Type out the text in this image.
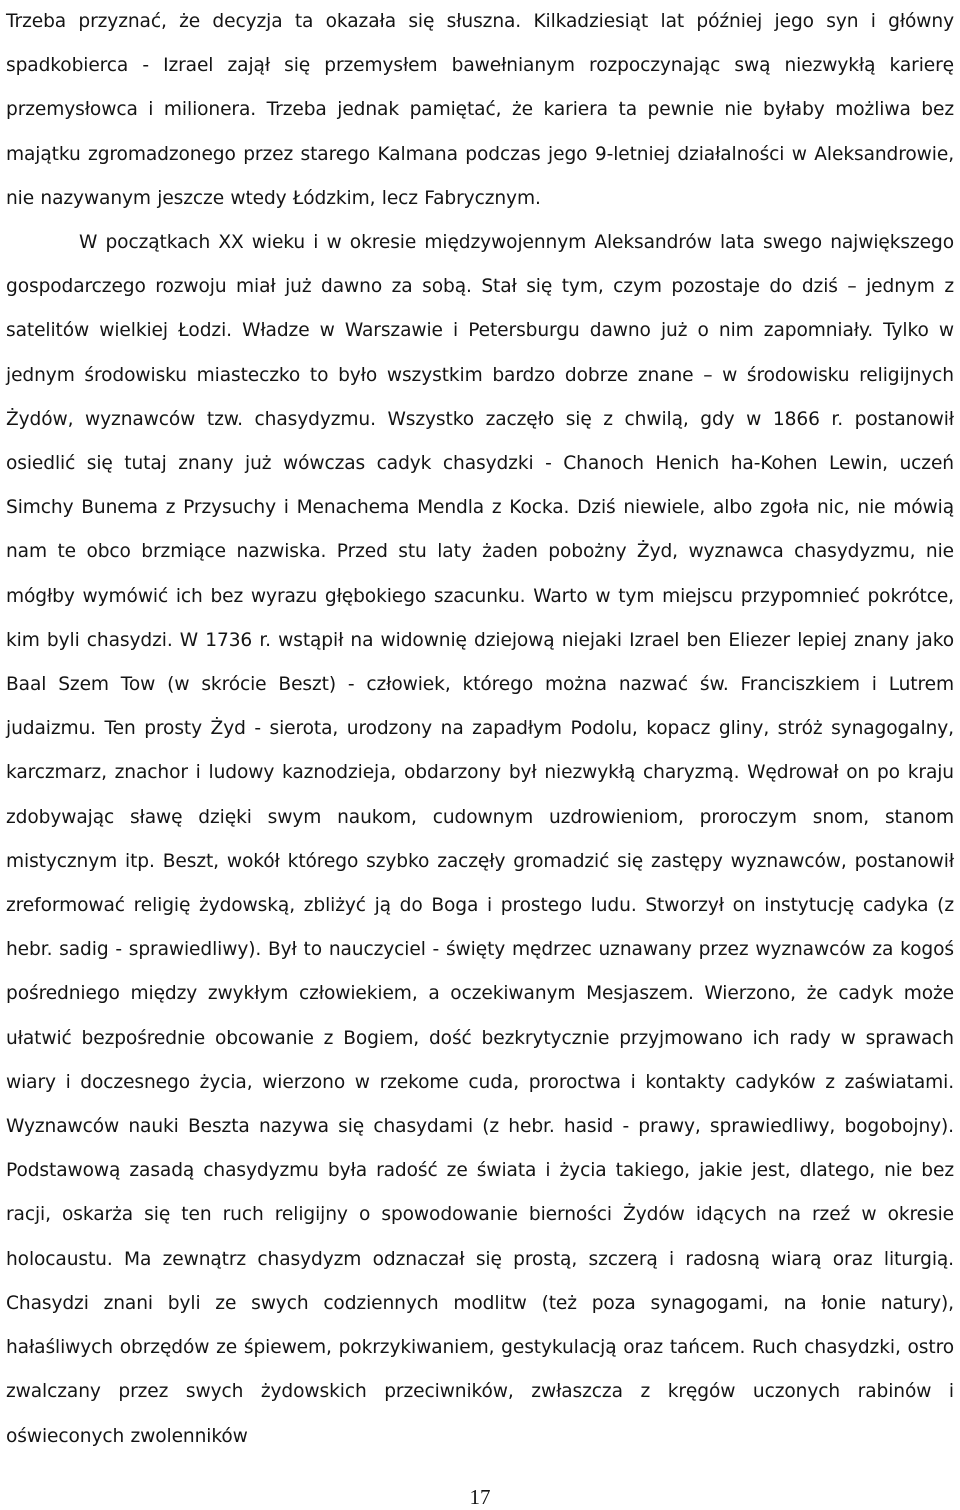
Trzeba przyznać, że decyzja ta okazała się słuszna. Kilkadziesiąt lat później jego syn i główny spadkobierca - Izrael zajął się przemysłem bawełnianym rozpoczynając swą niezwykłą karierę przemysłowca i milionera. Trzeba jednak pamiętać, że kariera ta pewnie nie byłaby możliwa bez majątku zgromadzonego przez starego Kalmana podczas jego 9-letniej działalności w Aleksandrowie, nie nazywanym jeszcze wtedy Łódzkim, lecz Fabrycznym.

W początkach XX wieku i w okresie międzywojennym Aleksandrów lata swego największego gospodarczego rozwoju miał już dawno za sobą. Stał się tym, czym pozostaje do dziś – jednym z satelitów wielkiej Łodzi. Władze w Warszawie i Petersburgu dawno już o nim zapomniały. Tylko w jednym środowisku miasteczko to było wszystkim bardzo dobrze znane – w środowisku religijnych Żydów, wyznawców tzw. chasydyzmu. Wszystko zaczęło się z chwilą, gdy w 1866 r. postanowił osiedlić się tutaj znany już wówczas cadyk chasydzki - Chanoch Henich ha-Kohen Lewin, uczeń Simchy Bunema z Przysuchy i Menachema Mendla z Kocka. Dziś niewiele, albo zgoła nic, nie mówią nam te obco brzmiące nazwiska. Przed stu laty żaden pobożny Żyd, wyznawca chasydyzmu, nie mógłby wymówić ich bez wyrazu głębokiego szacunku. Warto w tym miejscu przypomnieć pokrótce, kim byli chasydzi. W 1736 r. wstąpił na widownię dziejową niejaki Izrael ben Eliezer lepiej znany jako Baal Szem Tow (w skrócie Beszt) - człowiek, którego można nazwać św. Franciszkiem i Lutrem judaizmu. Ten prosty Żyd - sierota, urodzony na zapadłym Podolu, kopacz gliny, stróż synagogalny, karczmarz, znachor i ludowy kaznodzieja, obdarzony był niezwykłą charyzmą. Wędrował on po kraju zdobywając sławę dzięki swym naukom, cudownym uzdrowieniom, proroczym snom, stanom mistycznym itp. Beszt, wokół którego szybko zaczęły gromadzić się zastępy wyznawców, postanowił zreformować religię żydowską, zbliżyć ją do Boga i prostego ludu. Stworzył on instytucję cadyka (z hebr. sadig - sprawiedliwy). Był to nauczyciel - święty mędrzec uznawany przez wyznawców za kogoś pośredniego między zwykłym człowiekiem, a oczekiwanym Mesjaszem. Wierzono, że cadyk może ułatwić bezpośrednie obcowanie z Bogiem, dość bezkrytycznie przyjmowano ich rady w sprawach wiary i doczesnego życia, wierzono w rzekome cuda, proroctwa i kontakty cadyków z zaświatami. Wyznawców nauki Beszta nazywa się chasydami (z hebr. hasid - prawy, sprawiedliwy, bogobojny). Podstawową zasadą chasydyzmu była radość ze świata i życia takiego, jakie jest, dlatego, nie bez racji, oskarża się ten ruch religijny o spowodowanie bierności Żydów idących na rzeź w okresie holocaustu. Ma zewnątrz chasydyzm odznaczał się prostą, szczerą i radosną wiarą oraz liturgią. Chasydzi znani byli ze swych codziennych modlitw (też poza synagogami, na łonie natury), hałaśliwych obrzędów ze śpiewem, pokrzykiwaniem, gestykulacją oraz tańcem. Ruch chasydzki, ostro zwalczany przez swych żydowskich przeciwników, zwłaszcza z kręgów uczonych rabinów i oświeconych zwolenników

17
